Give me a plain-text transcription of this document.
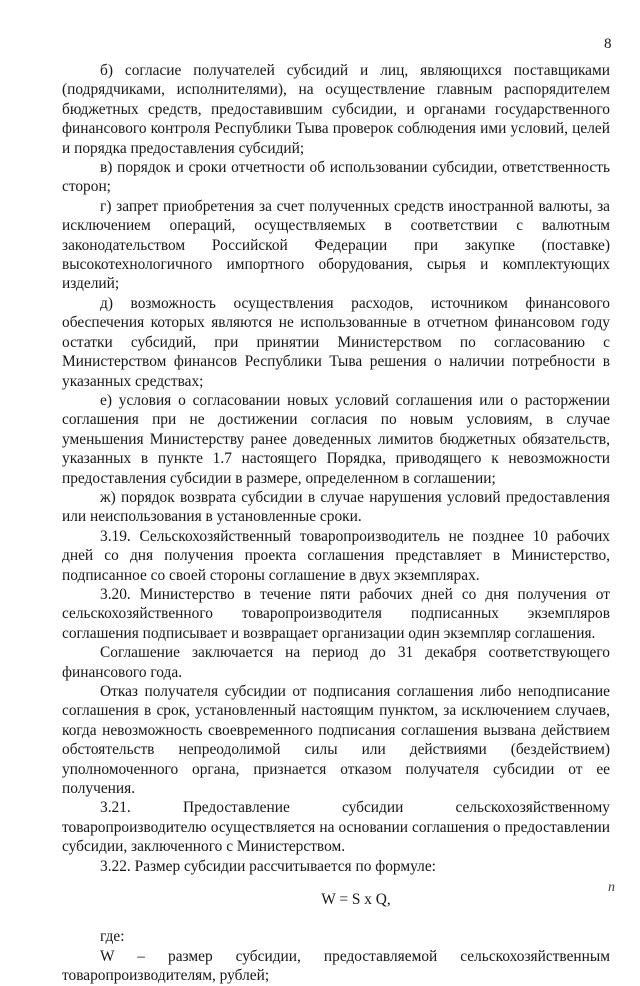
8

б) согласие получателей субсидий и лиц, являющихся поставщиками (подрядчиками, исполнителями), на осуществление главным распорядителем бюджетных средств, предоставившим субсидии, и органами государственного финансового контроля Республики Тыва проверок соблюдения ими условий, целей и порядка предоставления субсидий;

в) порядок и сроки отчетности об использовании субсидии, ответственность сторон;

г) запрет приобретения за счет полученных средств иностранной валюты, за исключением операций, осуществляемых в соответствии с валютным законодательством Российской Федерации при закупке (поставке) высокотехнологичного импортного оборудования, сырья и комплектующих изделий;

д) возможность осуществления расходов, источником финансового обеспечения которых являются не использованные в отчетном финансовом году остатки субсидий, при принятии Министерством по согласованию с Министерством финансов Республики Тыва решения о наличии потребности в указанных средствах;

е) условия о согласовании новых условий соглашения или о расторжении соглашения при не достижении согласия по новым условиям, в случае уменьшения Министерству ранее доведенных лимитов бюджетных обязательств, указанных в пункте 1.7 настоящего Порядка, приводящего к невозможности предоставления субсидии в размере, определенном в соглашении;

ж) порядок возврата субсидии в случае нарушения условий предоставления или неиспользования в установленные сроки.

3.19. Сельскохозяйственный товаропроизводитель не позднее 10 рабочих дней со дня получения проекта соглашения представляет в Министерство, подписанное со своей стороны соглашение в двух экземплярах.

3.20. Министерство в течение пяти рабочих дней со дня получения от сельскохозяйственного товаропроизводителя подписанных экземпляров соглашения подписывает и возвращает организации один экземпляр соглашения.

Соглашение заключается на период до 31 декабря соответствующего финансового года.

Отказ получателя субсидии от подписания соглашения либо неподписание соглашения в срок, установленный настоящим пунктом, за исключением случаев, когда невозможность своевременного подписания соглашения вызвана действием обстоятельств непреодолимой силы или действиями (бездействием) уполномоченного органа, признается отказом получателя субсидии от ее получения.

3.21. Предоставление субсидии сельскохозяйственному товаропроизводителю осуществляется на основании соглашения о предоставлении субсидии, заключенного с Министерством.

3.22. Размер субсидии рассчитывается по формуле:

W = S x Q,

где:

W – размер субсидии, предоставляемой сельскохозяйственным товаропроизводителям, рублей;

п
